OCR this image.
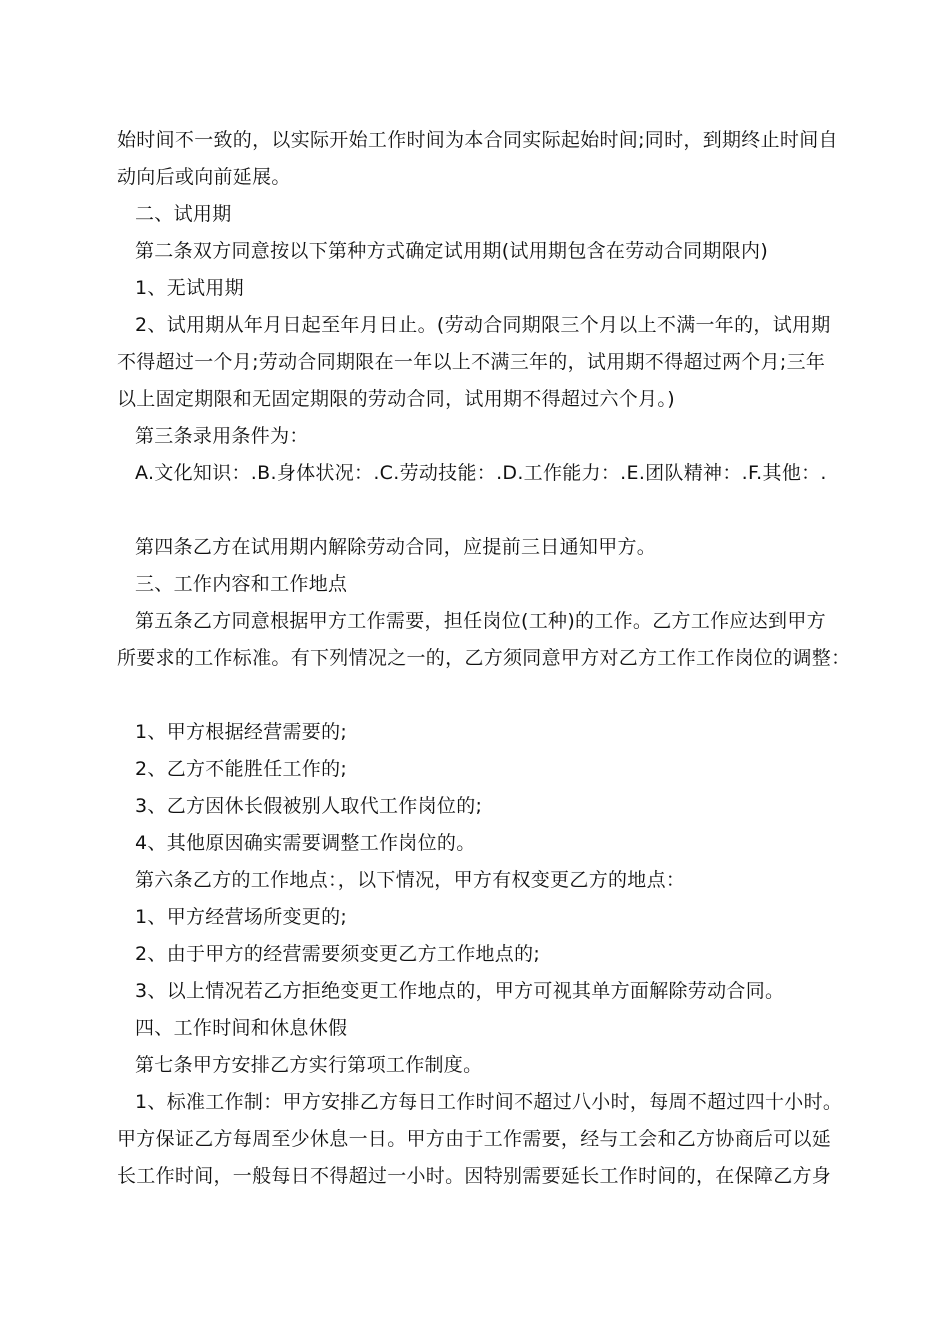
始时间不一致的，以实际开始工作时间为本合同实际起始时间;同时，到期终止时间自
动向后或向前延展。
二、试用期
第二条双方同意按以下第种方式确定试用期(试用期包含在劳动合同期限内)
1、无试用期
2、试用期从年月日起至年月日止。(劳动合同期限三个月以上不满一年的，试用期
不得超过一个月;劳动合同期限在一年以上不满三年的，试用期不得超过两个月;三年
以上固定期限和无固定期限的劳动合同，试用期不得超过六个月。)
第三条录用条件为：
A.文化知识：.B.身体状况：.C.劳动技能：.D.工作能力：.E.团队精神：.F.其他：.
第四条乙方在试用期内解除劳动合同，应提前三日通知甲方。
三、工作内容和工作地点
第五条乙方同意根据甲方工作需要，担任岗位(工种)的工作。乙方工作应达到甲方
所要求的工作标准。有下列情况之一的，乙方须同意甲方对乙方工作工作岗位的调整：
1、甲方根据经营需要的;
2、乙方不能胜任工作的;
3、乙方因休长假被别人取代工作岗位的;
4、其他原因确实需要调整工作岗位的。
第六条乙方的工作地点：，以下情况，甲方有权变更乙方的地点：
1、甲方经营场所变更的;
2、由于甲方的经营需要须变更乙方工作地点的;
3、以上情况若乙方拒绝变更工作地点的，甲方可视其单方面解除劳动合同。
四、工作时间和休息休假
第七条甲方安排乙方实行第项工作制度。
1、标准工作制：甲方安排乙方每日工作时间不超过八小时，每周不超过四十小时。
甲方保证乙方每周至少休息一日。甲方由于工作需要，经与工会和乙方协商后可以延
长工作时间，一般每日不得超过一小时。因特别需要延长工作时间的，在保障乙方身
